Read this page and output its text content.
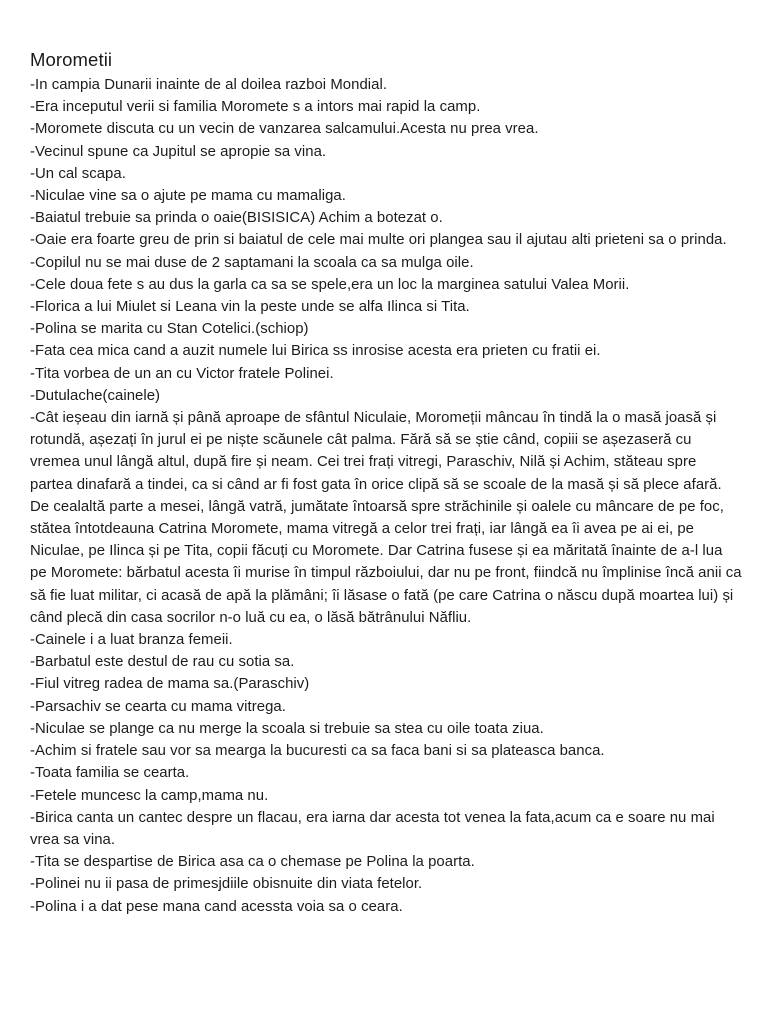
Morometii

-In campia Dunarii inainte de al doilea razboi Mondial.

-Era inceputul verii si familia Moromete s a intors mai rapid la camp.

-Moromete discuta cu un vecin de vanzarea salcamului.Acesta nu prea vrea.

-Vecinul spune ca Jupitul se apropie sa vina.

-Un cal scapa.

-Niculae vine sa o ajute pe mama cu mamaliga.

-Baiatul trebuie sa prinda o oaie(BISISICA) Achim a botezat o.

-Oaie era foarte greu de prin si baiatul de cele mai multe ori plangea sau il ajutau alti prieteni sa o prinda.

-Copilul nu se mai duse de 2 saptamani la scoala ca sa mulga oile.

-Cele doua fete s au dus la garla ca sa se spele,era un loc la marginea satului Valea Morii.

-Florica a lui Miulet si Leana vin la peste unde se alfa Ilinca si Tita.

-Polina se marita cu Stan Cotelici.(schiop)

-Fata cea mica cand a auzit numele lui Birica ss inrosise acesta era prieten cu fratii ei.

-Tita vorbea de un an cu Victor fratele Polinei.

-Dutulache(cainele)

-Cât ieșeau din iarnă și până aproape de sfântul Niculaie, Moromeții mâncau în tindă la o masă joasă și rotundă, așezați în jurul ei pe niște scăunele cât palma. Fără să se știe când, copiii se așezaseră cu vremea unul lângă altul, după fire și neam. Cei trei frați vitregi, Paraschiv, Nilă și Achim, stăteau spre partea dinafară a tindei, ca si când ar fi fost gata în orice clipă să se scoale de la masă și să plece afară. De cealaltă parte a mesei, lângă vatră, jumătate întoarsă spre străchinile și oalele cu mâncare de pe foc, stătea întotdeauna Catrina Moromete, mama vitregă a celor trei frați, iar lângă ea îi avea pe ai ei, pe Niculae, pe Ilinca și pe Tita, copii făcuți cu Moromete. Dar Catrina fusese și ea măritată înainte de a-l lua pe Moromete: bărbatul acesta îi murise în timpul războiului, dar nu pe front, fiindcă nu împlinise încă anii ca să fie luat militar, ci acasă de apă la plămâni; îi lăsase o fată (pe care Catrina o născu după moartea lui) și când plecă din casa socrilor n-o luă cu ea, o lăsă bătrânului Năfliu.

-Cainele i a luat branza femeii.

-Barbatul este destul de rau cu sotia sa.

-Fiul vitreg radea de mama sa.(Paraschiv)

-Parsachiv se cearta cu mama vitrega.

-Niculae se plange ca nu merge la scoala si trebuie sa stea cu oile toata ziua.

-Achim si fratele sau vor sa mearga la bucuresti ca sa faca bani si sa plateasca banca.

-Toata familia se cearta.

-Fetele muncesc la camp,mama nu.

-Birica canta un cantec despre un flacau, era iarna dar acesta tot venea la fata,acum ca e soare nu mai vrea sa vina.

-Tita se despartise de Birica asa ca o chemase pe Polina la poarta.

-Polinei nu ii pasa de primesjdiile obisnuite din viata fetelor.

-Polina i a dat pese mana cand acessta voia sa o ceara.
